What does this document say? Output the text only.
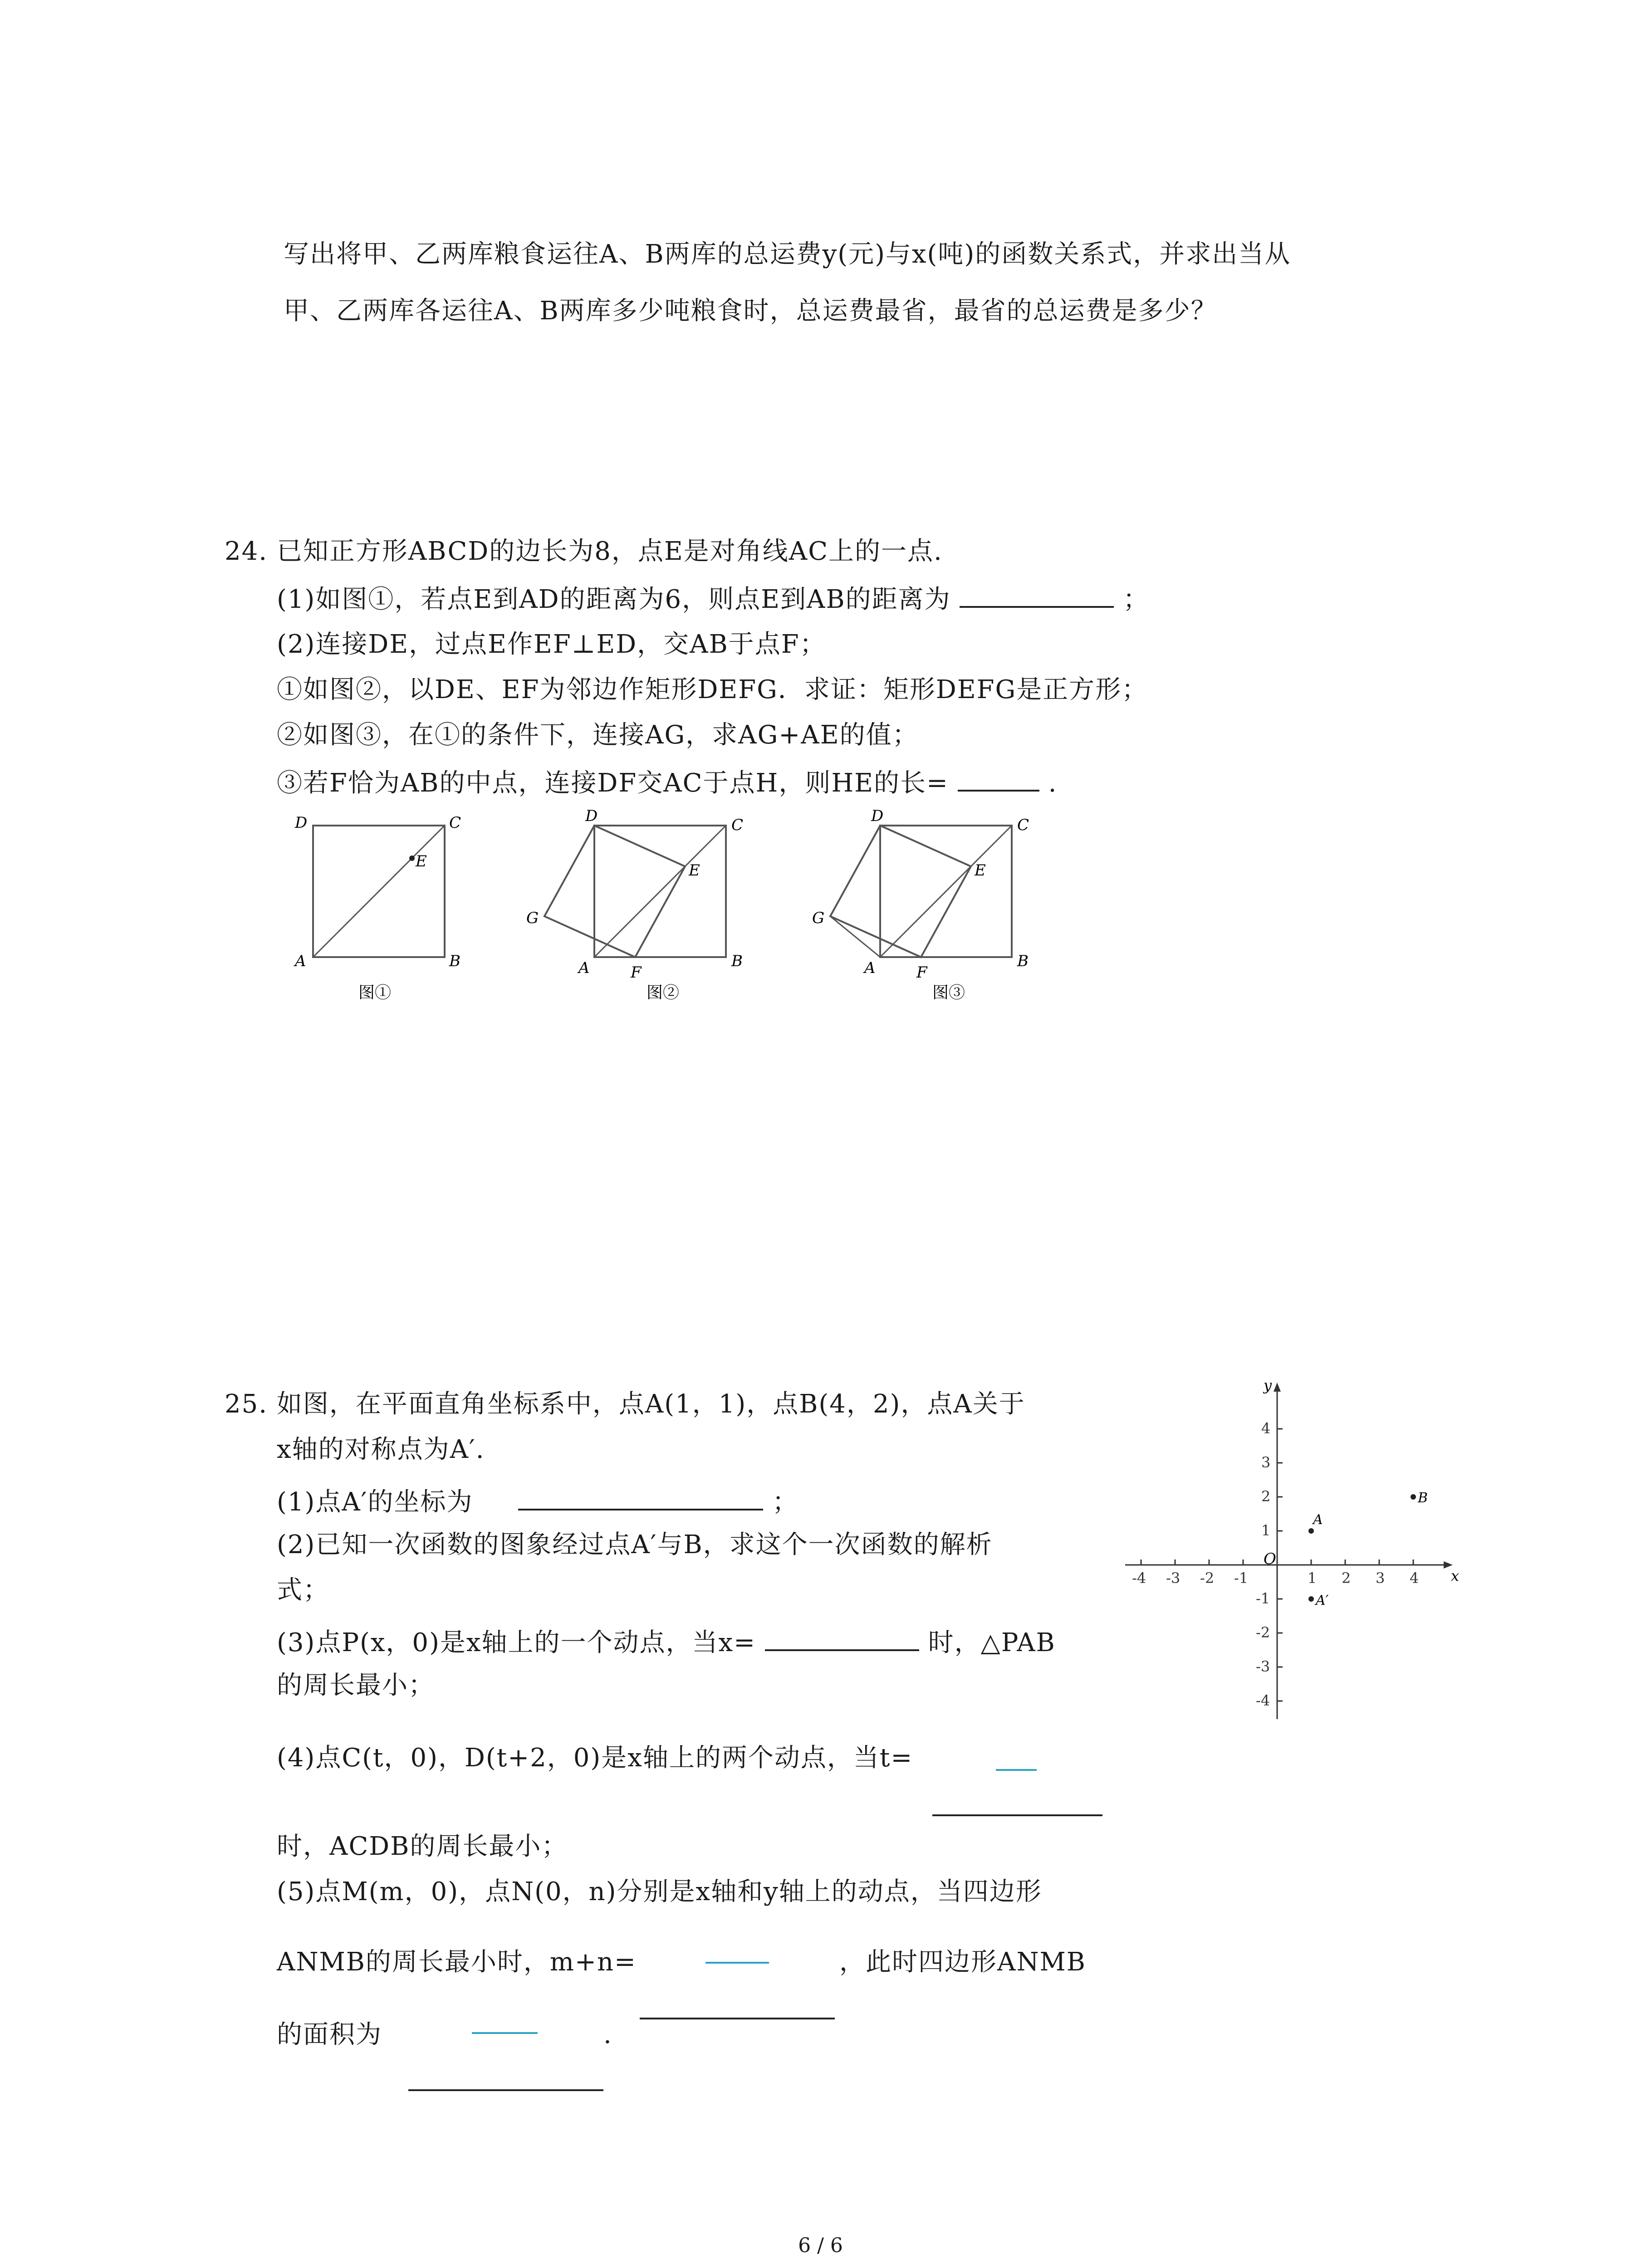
写出将甲、乙两库粮食运往A、B两库的总运费y(元)与x(吨)的函数关系式，并求出当从
甲、乙两库各运往A、B两库多少吨粮食时，总运费最省，最省的总运费是多少？
24. 已知正方形ABCD的边长为8，点E是对角线AC上的一点.
(1)如图①，若点E到AD的距离为6，则点E到AB的距离为	；
(2)连接DE，过点E作EF⊥ED，交AB于点F；
①如图②，以DE、EF为邻边作矩形DEFG．求证：矩形DEFG是正方形；
②如图③，在①的条件下，连接AG，求AG+AE的值；
③若F恰为AB的中点，连接DF交AC于点H，则HE的长=	.
D	C
E
A	B
图①
D	C
E
G
A	F
B
图②
D	C
E
G
A	F
B
图③
25. 如图，在平面直角坐标系中，点A(1，1)，点B(4，2)，点A关于
x轴的对称点为A′.
(1)点A′的坐标为	；
(2)已知一次函数的图象经过点A′与B，求这个一次函数的解析
式；
(3)点P(x，0)是x轴上的一个动点，当x=	时，△PAB
的周长最小；
(4)点C(t，0)，D(t+2，0)是x轴上的两个动点，当t=
时，ACDB的周长最小；
(5)点M(m，0)，点N(0，n)分别是x轴和y轴上的动点，当四边形
ANMB的周长最小时，m+n=	，此时四边形ANMB
的面积为	.
-4 -3 -2 -1	1 2 3 4
4
3
2
1
-1
-2
-3
-4
O
x
y
A
B
A′
6 / 6
